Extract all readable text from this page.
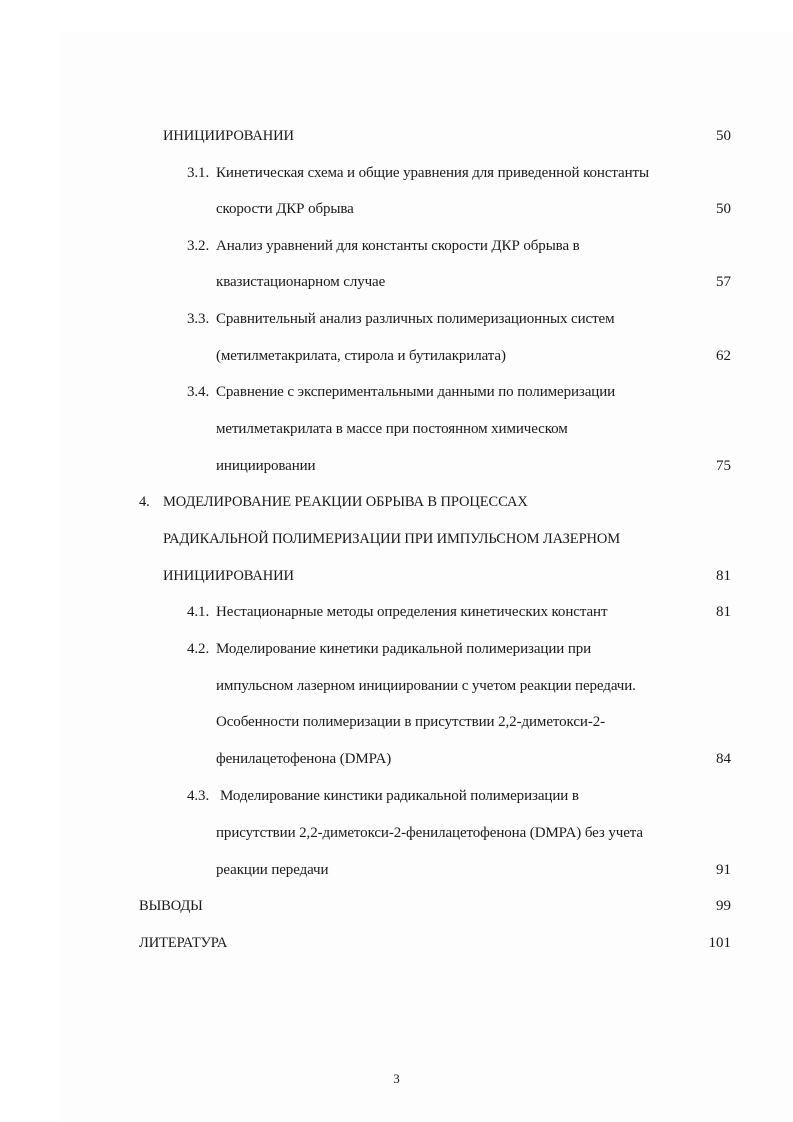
ИНИЦИИРОВАНИИ	50
3.1. Кинетическая схема и общие уравнения для приведенной константы
скорости ДКР обрыва	50
3.2. Анализ уравнений для константы скорости ДКР обрыва в
квазистационарном случае	57
3.3. Сравнительный анализ различных полимеризационных систем
(метилметакрилата, стирола и бутилакрилата)	62
3.4. Сравнение с экспериментальными данными по полимеризации
метилметакрилата в массе при постоянном химическом
инициировании	75
4. МОДЕЛИРОВАНИЕ РЕАКЦИИ ОБРЫВА В ПРОЦЕССАХ
РАДИКАЛЬНОЙ ПОЛИМЕРИЗАЦИИ ПРИ ИМПУЛЬСНОМ ЛАЗЕРНОМ
ИНИЦИИРОВАНИИ	81
4.1. Нестационарные методы определения кинетических констант	81
4.2. Моделирование кинетики радикальной полимеризации при
импульсном лазерном инициировании с учетом реакции передачи.
Особенности полимеризации в присутствии 2,2-диметокси-2-
фенилацетофенона (DMPA)	84
4.3. Моделирование кинстики радикальной полимеризации в
присутствии 2,2-диметокси-2-фенилацетофенона (DMPA) без учета
реакции передачи	91
ВЫВОДЫ	99
ЛИТЕРАТУРА	101
3
